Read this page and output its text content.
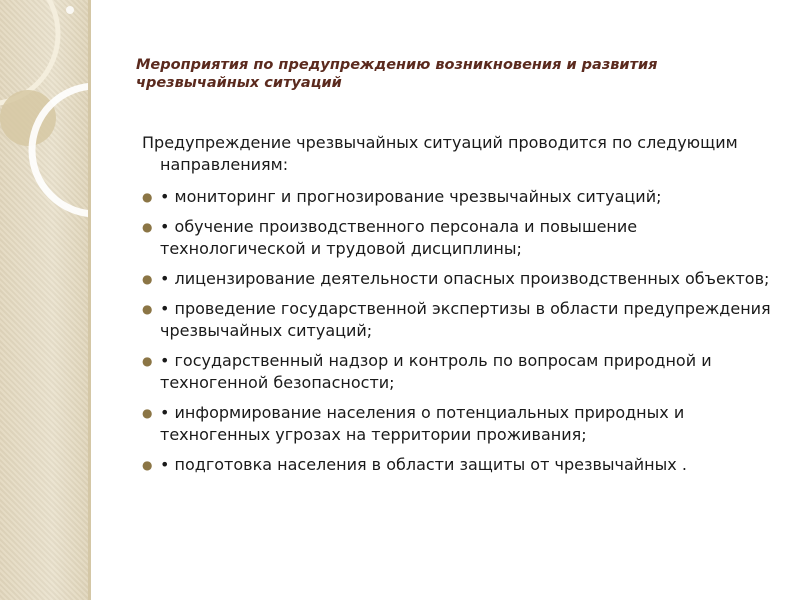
Мероприятия по предупреждению возникновения и развития чрезвычайных ситуаций

Предупреждение чрезвычайных ситуаций проводится по следующим направлениям:

● • мониторинг и прогнозирование чрезвычайных ситуаций;
● • обучение производственного персонала и повышение технологической и трудовой дисциплины;
● • лицензирование деятельности опасных производственных объектов;
● • проведение государственной экспертизы в области предупреждения чрезвычайных ситуаций;
● • государственный надзор и контроль по вопросам природной и техногенной безопасности;
● • информирование населения о потенциальных природных и техногенных угрозах на территории проживания;
● • подготовка населения в области защиты от чрезвычайных .
